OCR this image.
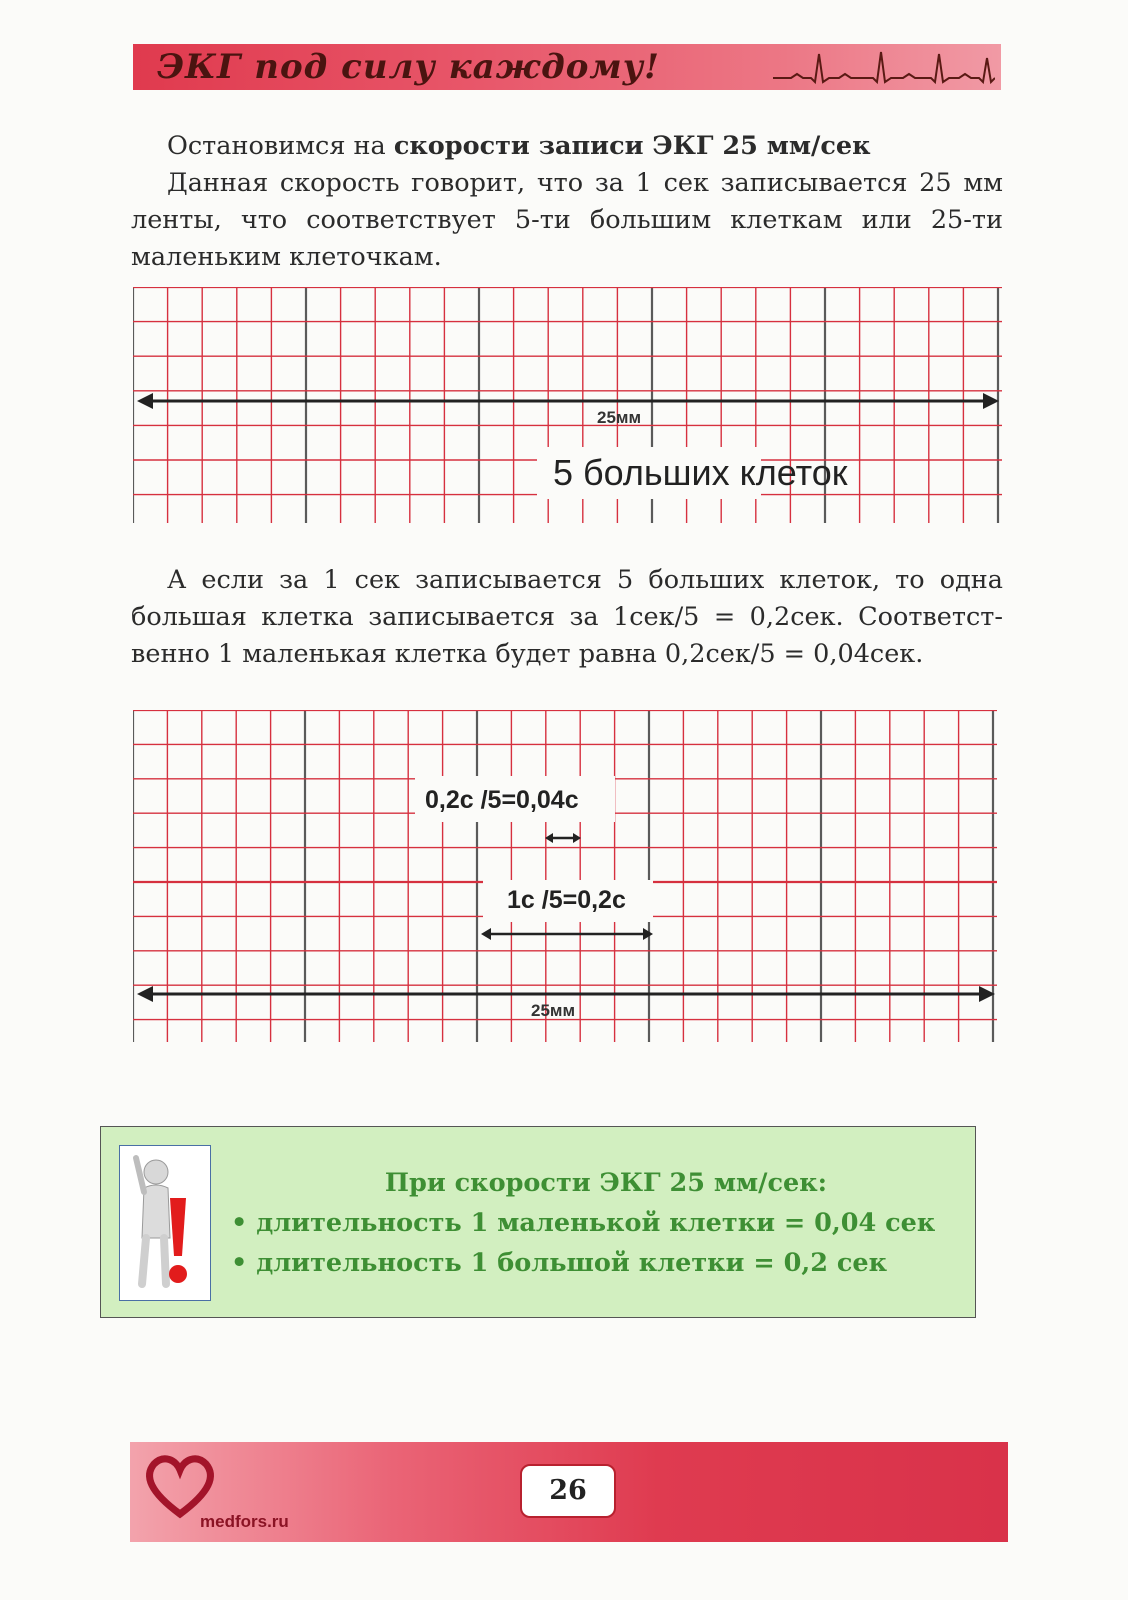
ЭКГ под силу каждому!
Остановимся на скорости записи ЭКГ 25 мм/сек
Данная скорость говорит, что за 1 сек записывается 25 мм ленты, что соответствует 5-ти большим клеткам или 25-ти маленьким клеточкам.
25мм
5 больших клеток
А если за 1 сек записывается 5 больших клеток, то одна большая клетка записывается за 1сек/5 = 0,2сек. Соответст-венно 1 маленькая клетка будет равна 0,2сек/5 = 0,04сек.
0,2с /5=0,04с
1с /5=0,2с
25мм
При скорости ЭКГ 25 мм/сек:
• длительность 1 маленькой клетки = 0,04 сек
• длительность 1 большой клетки = 0,2 сек
medfors.ru
26
